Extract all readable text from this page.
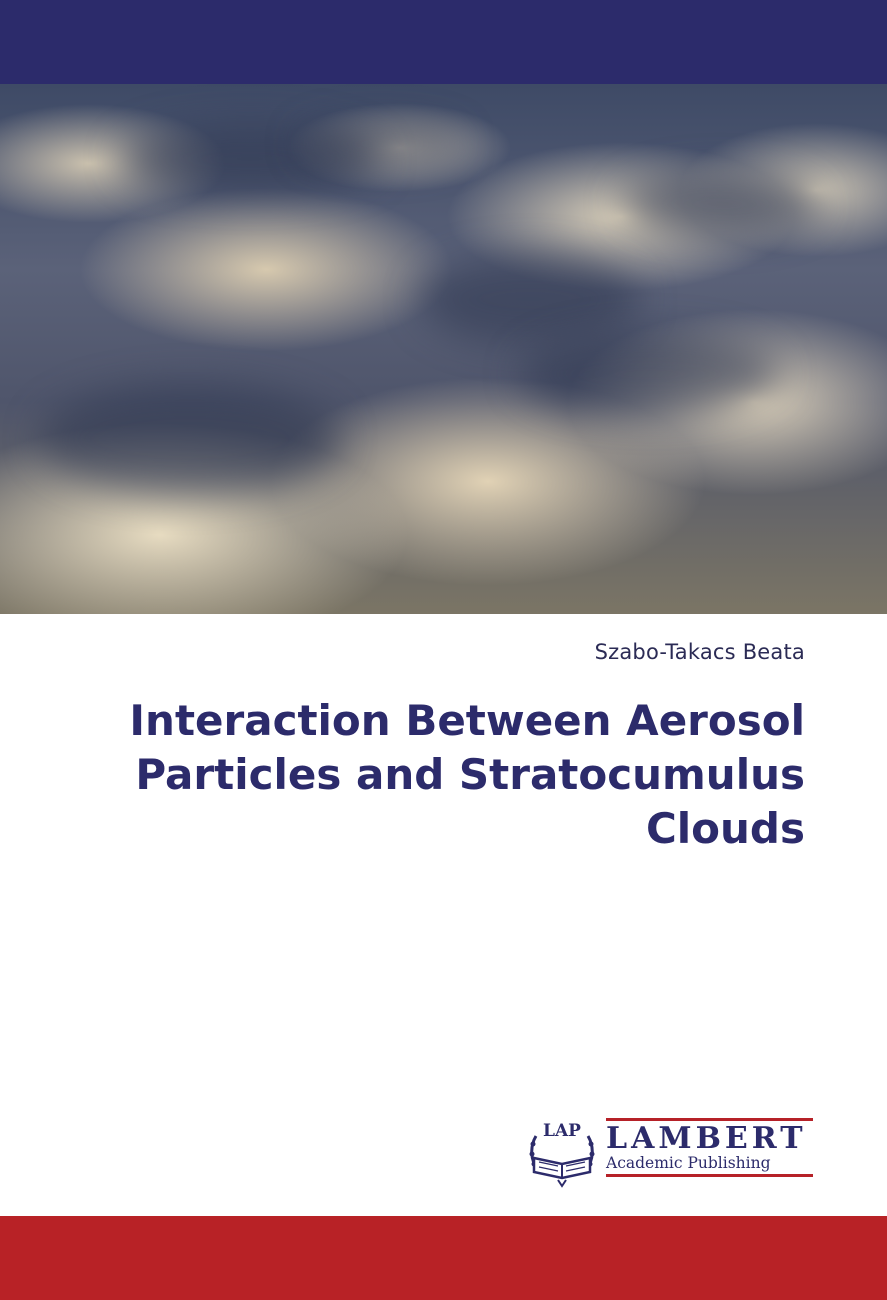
Szabo-Takacs Beata
Interaction Between Aerosol
Particles and Stratocumulus
Clouds
LAP LAMBERT
Academic Publishing
